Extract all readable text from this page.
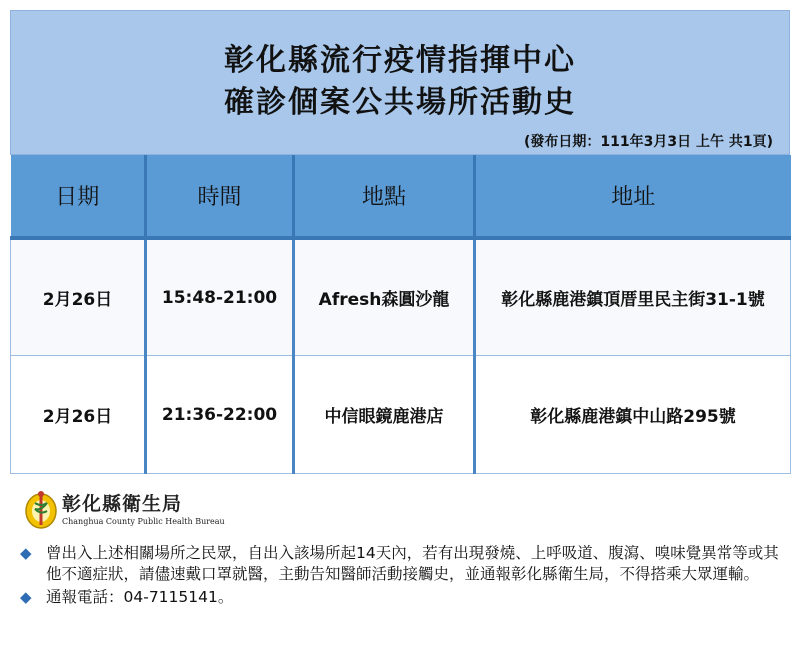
彰化縣流行疫情指揮中心
確診個案公共場所活動史
(發布日期：111年3月3日 上午 共1頁)
日期	時間	地點	地址
2月26日	15:48-21:00	Afresh森圓沙龍	彰化縣鹿港鎮頂厝里民主街31-1號
2月26日	21:36-22:00	中信眼鏡鹿港店	彰化縣鹿港鎮中山路295號
彰化縣衛生局
Changhua County Public Health Bureau
◆ 曾出入上述相關場所之民眾，自出入該場所起14天內，若有出現發燒、上呼吸道、腹瀉、嗅味覺異常等或其他不適症狀，請儘速戴口罩就醫，主動告知醫師活動接觸史，並通報彰化縣衛生局，不得搭乘大眾運輸。
◆ 通報電話：04-7115141。
